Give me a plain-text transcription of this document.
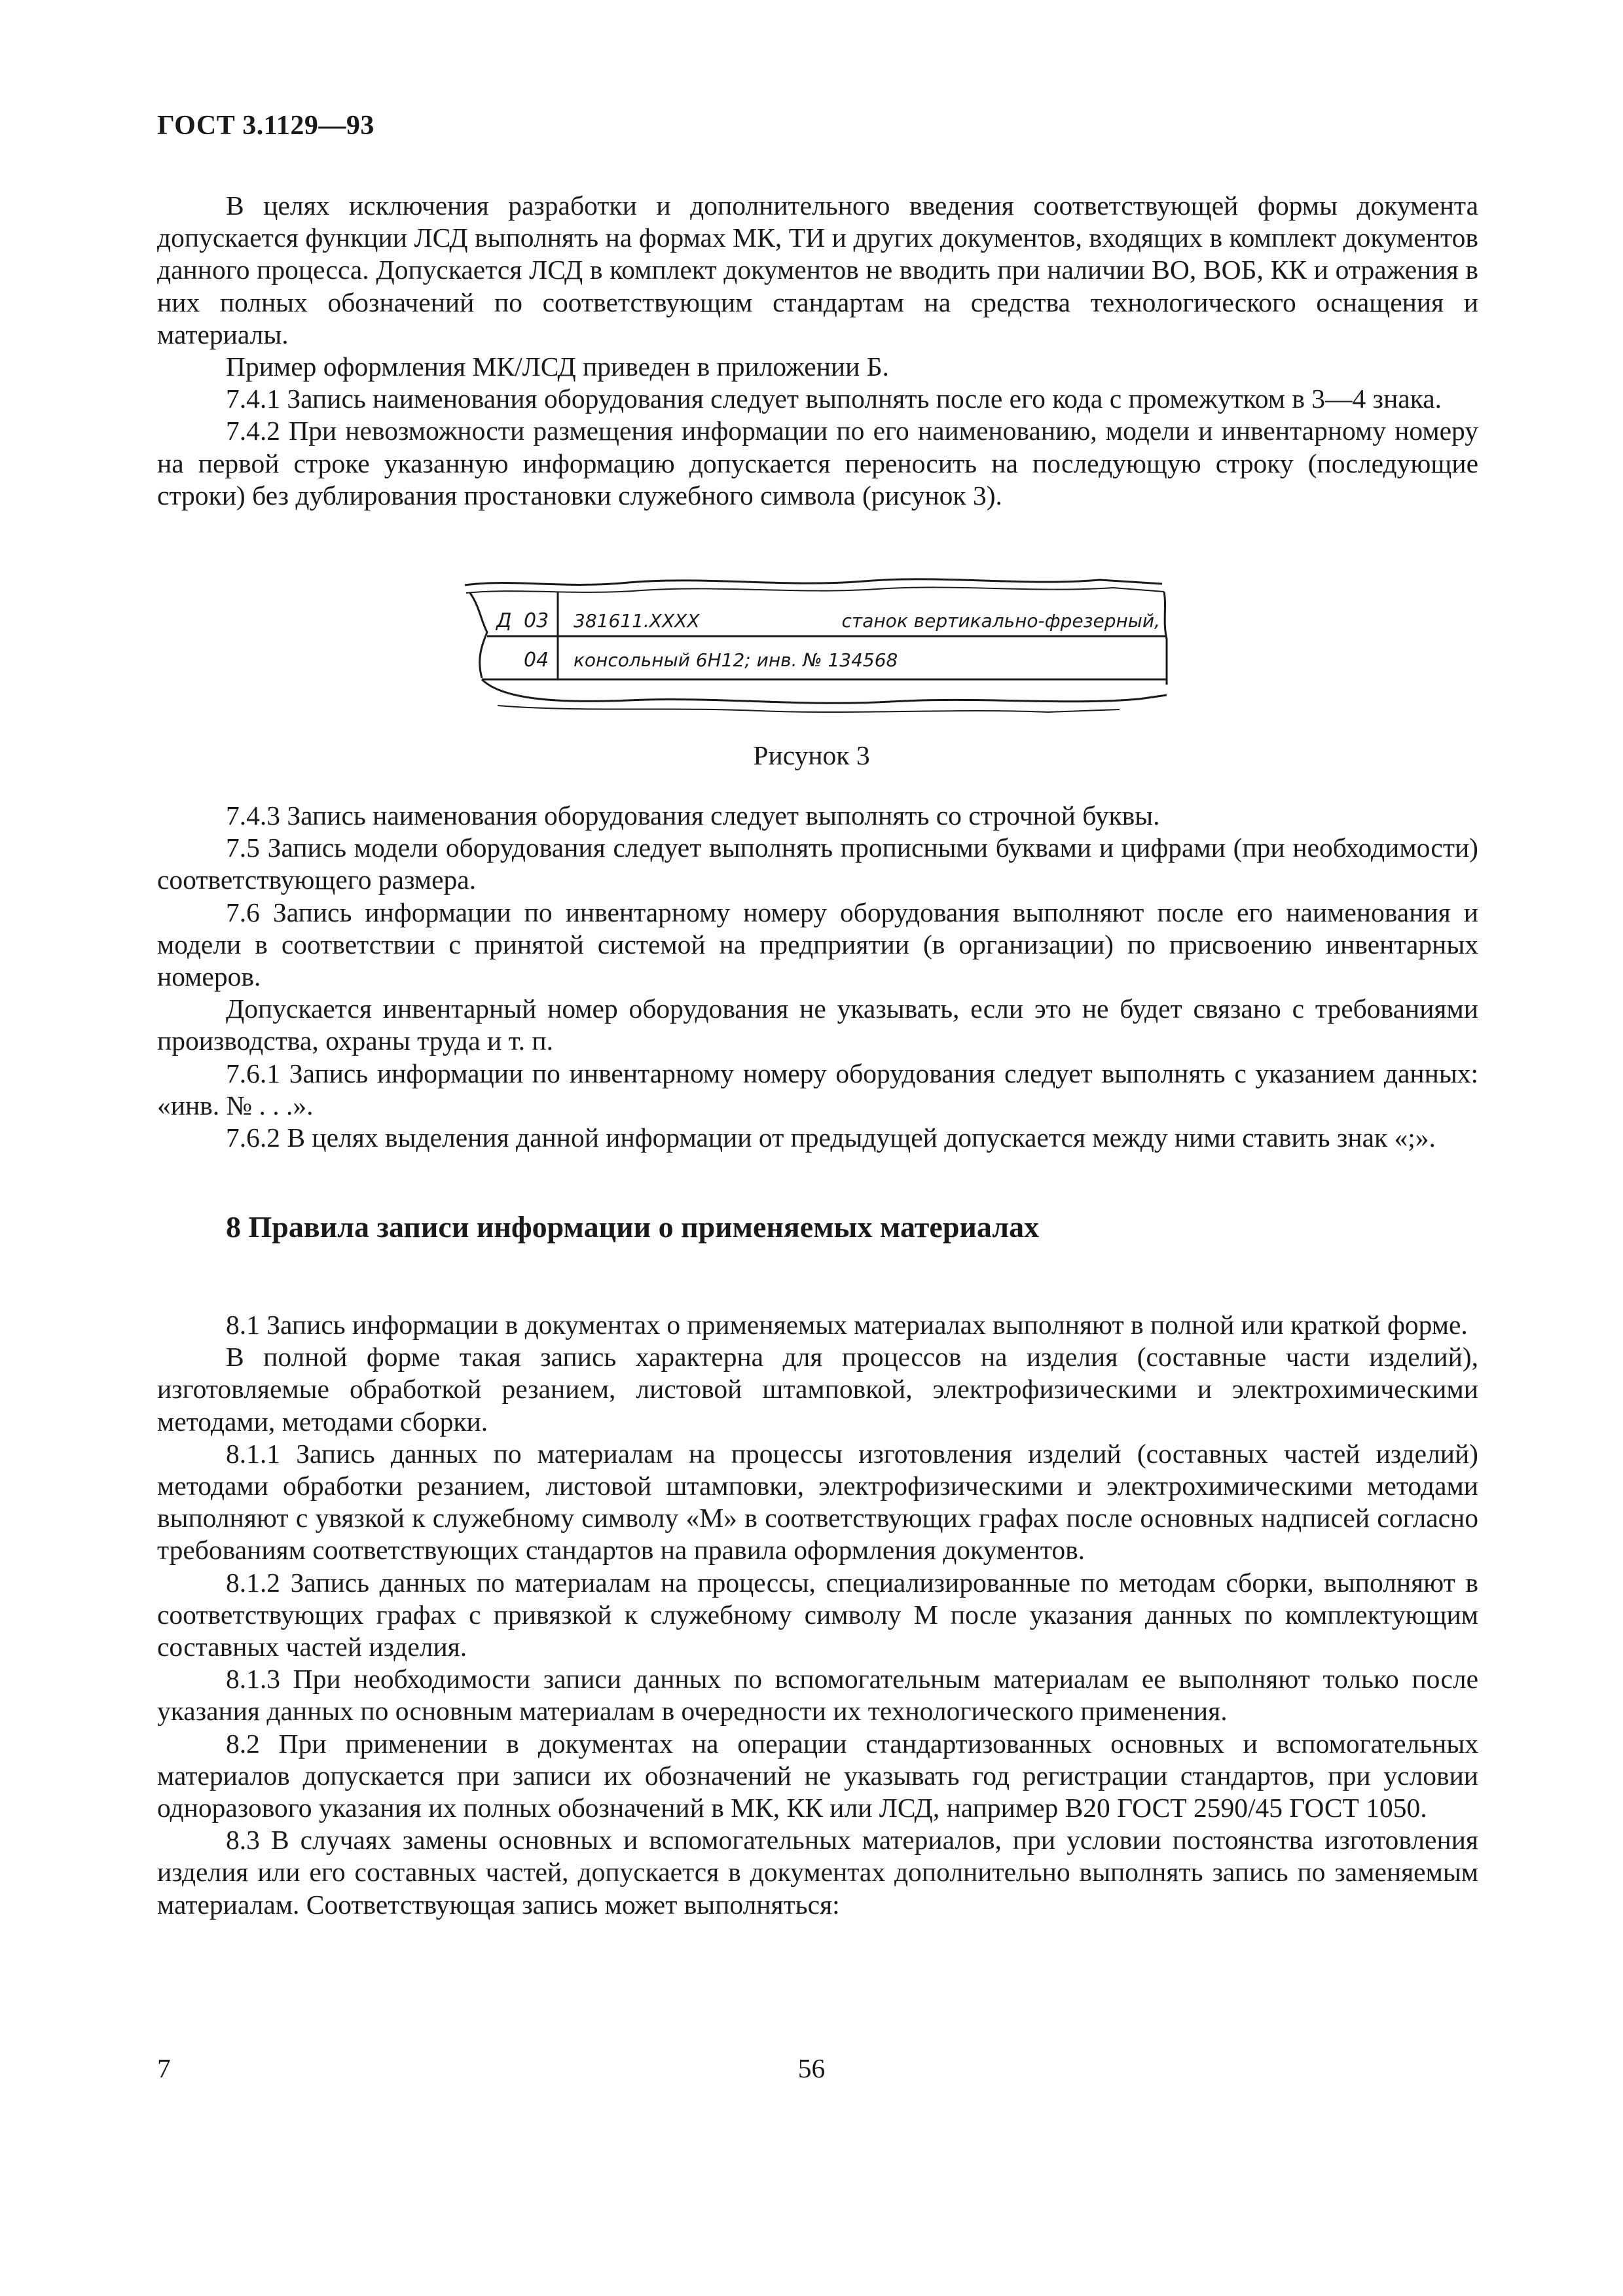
ГОСТ 3.1129—93

В целях исключения разработки и дополнительного введения соответствующей формы документа допускается функции ЛСД выполнять на формах МК, ТИ и других документов, входящих в комплект документов данного процесса. Допускается ЛСД в комплект документов не вводить при наличии ВО, ВОБ, КК и отражения в них полных обозначений по соответствующим стандартам на средства технологического оснащения и материалы.

Пример оформления МК/ЛСД приведен в приложении Б.

7.4.1 Запись наименования оборудования следует выполнять после его кода с промежутком в 3—4 знака.

7.4.2 При невозможности размещения информации по его наименованию, модели и инвентарному номеру на первой строке указанную информацию допускается переносить на последующую строку (последующие строки) без дублирования простановки служебного символа (рисунок 3).

Д 03 381611.XXXX	станок вертикально-фрезерный,
04 консольный 6Н12; инв. № 134568
Рисунок 3

7.4.3 Запись наименования оборудования следует выполнять со строчной буквы.

7.5 Запись модели оборудования следует выполнять прописными буквами и цифрами (при необходимости) соответствующего размера.

7.6 Запись информации по инвентарному номеру оборудования выполняют после его наименования и модели в соответствии с принятой системой на предприятии (в организации) по присвоению инвентарных номеров.

Допускается инвентарный номер оборудования не указывать, если это не будет связано с требованиями производства, охраны труда и т. п.

7.6.1 Запись информации по инвентарному номеру оборудования следует выполнять с указанием данных: «инв. № . . .».

7.6.2 В целях выделения данной информации от предыдущей допускается между ними ставить знак «;».

8 Правила записи информации о применяемых материалах

8.1 Запись информации в документах о применяемых материалах выполняют в полной или краткой форме.

В полной форме такая запись характерна для процессов на изделия (составные части изделий), изготовляемые обработкой резанием, листовой штамповкой, электрофизическими и электрохимическими методами, методами сборки.

8.1.1 Запись данных по материалам на процессы изготовления изделий (составных частей изделий) методами обработки резанием, листовой штамповки, электрофизическими и электрохимическими методами выполняют с увязкой к служебному символу «М» в соответствующих графах после основных надписей согласно требованиям соответствующих стандартов на правила оформления документов.

8.1.2 Запись данных по материалам на процессы, специализированные по методам сборки, выполняют в соответствующих графах с привязкой к служебному символу М после указания данных по комплектующим составных частей изделия.

8.1.3 При необходимости записи данных по вспомогательным материалам ее выполняют только после указания данных по основным материалам в очередности их технологического применения.

8.2 При применении в документах на операции стандартизованных основных и вспомогательных материалов допускается при записи их обозначений не указывать год регистрации стандартов, при условии одноразового указания их полных обозначений в МК, КК или ЛСД, например В20 ГОСТ 2590/45 ГОСТ 1050.

8.3 В случаях замены основных и вспомогательных материалов, при условии постоянства изготовления изделия или его составных частей, допускается в документах дополнительно выполнять запись по заменяемым материалам. Соответствующая запись может выполняться:

7	56
